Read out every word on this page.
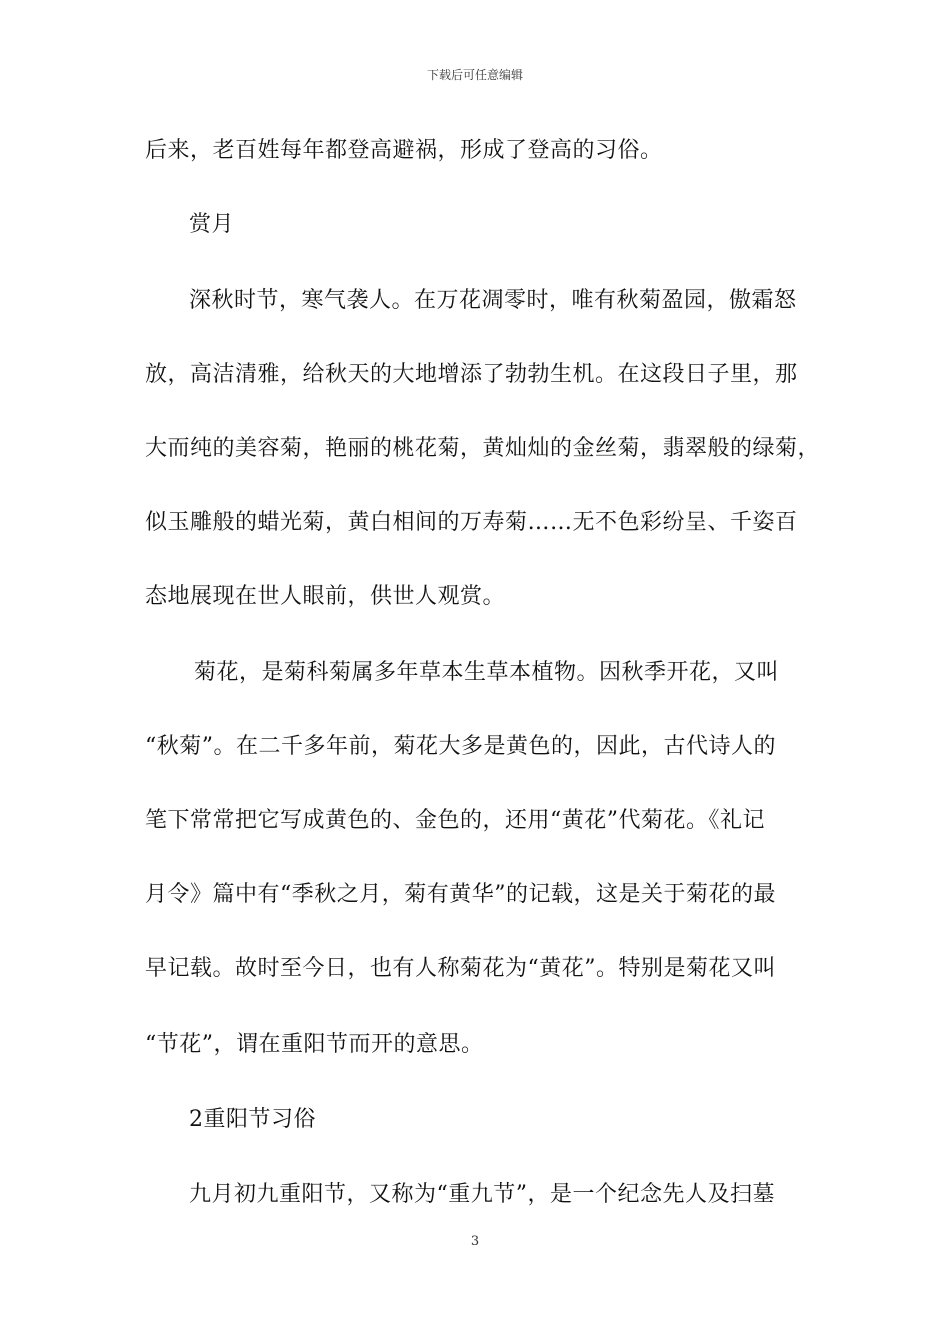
下载后可任意编辑
后来，老百姓每年都登高避祸，形成了登高的习俗。
赏月
深秋时节，寒气袭人。在万花凋零时，唯有秋菊盈园，傲霜怒
放，高洁清雅，给秋天的大地增添了勃勃生机。在这段日子里，那
大而纯的美容菊，艳丽的桃花菊，黄灿灿的金丝菊，翡翠般的绿菊，
似玉雕般的蜡光菊，黄白相间的万寿菊……无不色彩纷呈、千姿百
态地展现在世人眼前，供世人观赏。
菊花，是菊科菊属多年草本生草本植物。因秋季开花，又叫
“秋菊”。在二千多年前，菊花大多是黄色的，因此，古代诗人的
笔下常常把它写成黄色的、金色的，还用“黄花”代菊花。《礼记
月令》篇中有“季秋之月，菊有黄华”的记载，这是关于菊花的最
早记载。故时至今日，也有人称菊花为“黄花”。特别是菊花又叫
“节花”，谓在重阳节而开的意思。
2重阳节习俗
九月初九重阳节，又称为“重九节”，是一个纪念先人及扫墓
3
